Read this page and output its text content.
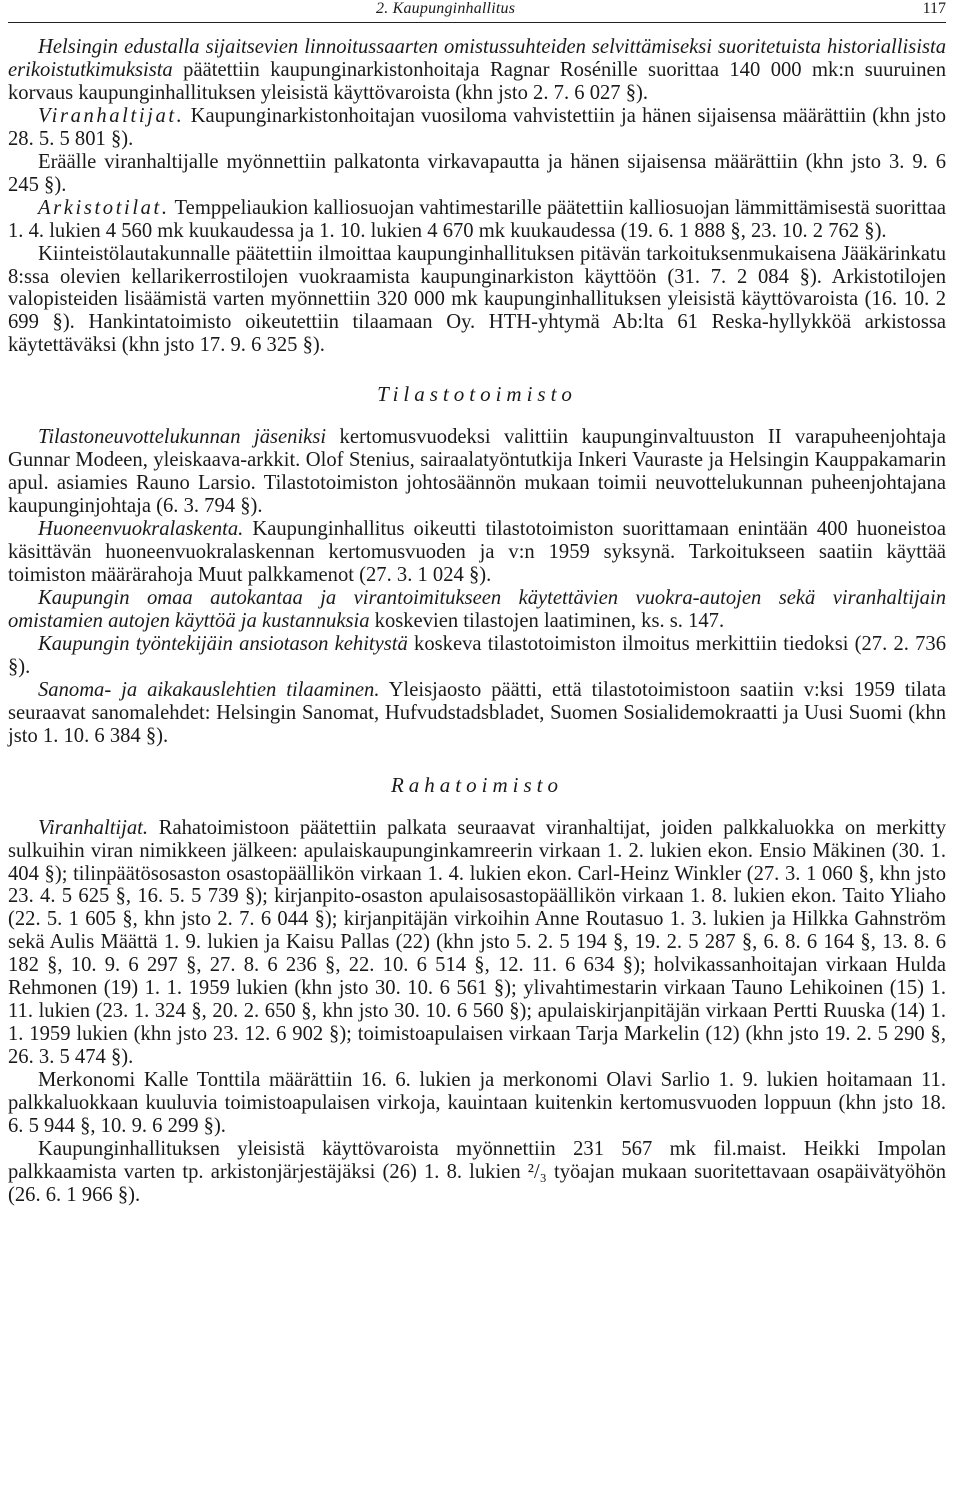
2. Kaupunginhallitus	117

Helsingin edustalla sijaitsevien linnoitussaarten omistussuhteiden selvittämiseksi suoritetuista historiallisista erikoistutkimuksista päätettiin kaupunginarkistonhoitaja Ragnar Rosénille suorittaa 140 000 mk:n suuruinen korvaus kaupunginhallituksen yleisistä käyttövaroista (khn jsto 2. 7. 6 027 §).

Viranhaltijat. Kaupunginarkistonhoitajan vuosiloma vahvistettiin ja hänen sijaisensa määrättiin (khn jsto 28. 5. 5 801 §).

Eräälle viranhaltijalle myönnettiin palkatonta virkavapautta ja hänen sijaisensa määrättiin (khn jsto 3. 9. 6 245 §).

Arkistotilat. Temppeliaukion kalliosuojan vahtimestarille päätettiin kalliosuojan lämmittämisestä suorittaa 1. 4. lukien 4 560 mk kuukaudessa ja 1. 10. lukien 4 670 mk kuukaudessa (19. 6. 1 888 §, 23. 10. 2 762 §).

Kiinteistölautakunnalle päätettiin ilmoittaa kaupunginhallituksen pitävän tarkoituksenmukaisena Jääkärinkatu 8:ssa olevien kellarikerrostilojen vuokraamista kaupunginarkiston käyttöön (31. 7. 2 084 §). Arkistotilojen valopisteiden lisäämistä varten myönnettiin 320 000 mk kaupunginhallituksen yleisistä käyttövaroista (16. 10. 2 699 §). Hankintatoimisto oikeutettiin tilaamaan Oy. HTH-yhtymä Ab:lta 61 Reska-hyllykköä arkistossa käytettäväksi (khn jsto 17. 9. 6 325 §).

Tilastotoimisto

Tilastoneuvottelukunnan jäseniksi kertomusvuodeksi valittiin kaupunginvaltuuston II varapuheenjohtaja Gunnar Modeen, yleiskaava-arkkit. Olof Stenius, sairaalatyöntutkija Inkeri Vauraste ja Helsingin Kauppakamarin apul. asiamies Rauno Larsio. Tilastotoimiston johtosäännön mukaan toimii neuvottelukunnan puheenjohtajana kaupunginjohtaja (6. 3. 794 §).

Huoneenvuokralaskenta. Kaupunginhallitus oikeutti tilastotoimiston suorittamaan enintään 400 huoneistoa käsittävän huoneenvuokralaskennan kertomusvuoden ja v:n 1959 syksynä. Tarkoitukseen saatiin käyttää toimiston määrärahoja Muut palkkamenot (27. 3. 1 024 §).

Kaupungin omaa autokantaa ja virantoimitukseen käytettävien vuokra-autojen sekä viranhaltijain omistamien autojen käyttöä ja kustannuksia koskevien tilastojen laatiminen, ks. s. 147.

Kaupungin työntekijäin ansiotason kehitystä koskeva tilastotoimiston ilmoitus merkittiin tiedoksi (27. 2. 736 §).

Sanoma- ja aikakauslehtien tilaaminen. Yleisjaosto päätti, että tilastotoimistoon saatiin v:ksi 1959 tilata seuraavat sanomalehdet: Helsingin Sanomat, Hufvudstadsbladet, Suomen Sosialidemokraatti ja Uusi Suomi (khn jsto 1. 10. 6 384 §).

Rahatoimisto

Viranhaltijat. Rahatoimistoon päätettiin palkata seuraavat viranhaltijat, joiden palkkaluokka on merkitty sulkuihin viran nimikkeen jälkeen: apulaiskaupunginkamreerin virkaan 1. 2. lukien ekon. Ensio Mäkinen (30. 1. 404 §); tilinpäätösosaston osastopäällikön virkaan 1. 4. lukien ekon. Carl-Heinz Winkler (27. 3. 1 060 §, khn jsto 23. 4. 5 625 §, 16. 5. 5 739 §); kirjanpito-osaston apulaisosastopäällikön virkaan 1. 8. lukien ekon. Taito Yliaho (22. 5. 1 605 §, khn jsto 2. 7. 6 044 §); kirjanpitäjän virkoihin Anne Routasuo 1. 3. lukien ja Hilkka Gahnström sekä Aulis Määttä 1. 9. lukien ja Kaisu Pallas (22) (khn jsto 5. 2. 5 194 §, 19. 2. 5 287 §, 6. 8. 6 164 §, 13. 8. 6 182 §, 10. 9. 6 297 §, 27. 8. 6 236 §, 22. 10. 6 514 §, 12. 11. 6 634 §); holvikassanhoitajan virkaan Hulda Rehmonen (19) 1. 1. 1959 lukien (khn jsto 30. 10. 6 561 §); ylivahtimestarin virkaan Tauno Lehikoinen (15) 1. 11. lukien (23. 1. 324 §, 20. 2. 650 §, khn jsto 30. 10. 6 560 §); apulaiskirjanpitäjän virkaan Pertti Ruuska (14) 1. 1. 1959 lukien (khn jsto 23. 12. 6 902 §); toimistoapulaisen virkaan Tarja Markelin (12) (khn jsto 19. 2. 5 290 §, 26. 3. 5 474 §).

Merkonomi Kalle Tonttila määrättiin 16. 6. lukien ja merkonomi Olavi Sarlio 1. 9. lukien hoitamaan 11. palkkaluokkaan kuuluvia toimistoapulaisen virkoja, kauintaan kuitenkin kertomusvuoden loppuun (khn jsto 18. 6. 5 944 §, 10. 9. 6 299 §).

Kaupunginhallituksen yleisistä käyttövaroista myönnettiin 231 567 mk fil.maist. Heikki Impolan palkkaamista varten tp. arkistonjärjestäjäksi (26) 1. 8. lukien ²/₃ työajan mukaan suoritettavaan osapäivätyöhön (26. 6. 1 966 §).
